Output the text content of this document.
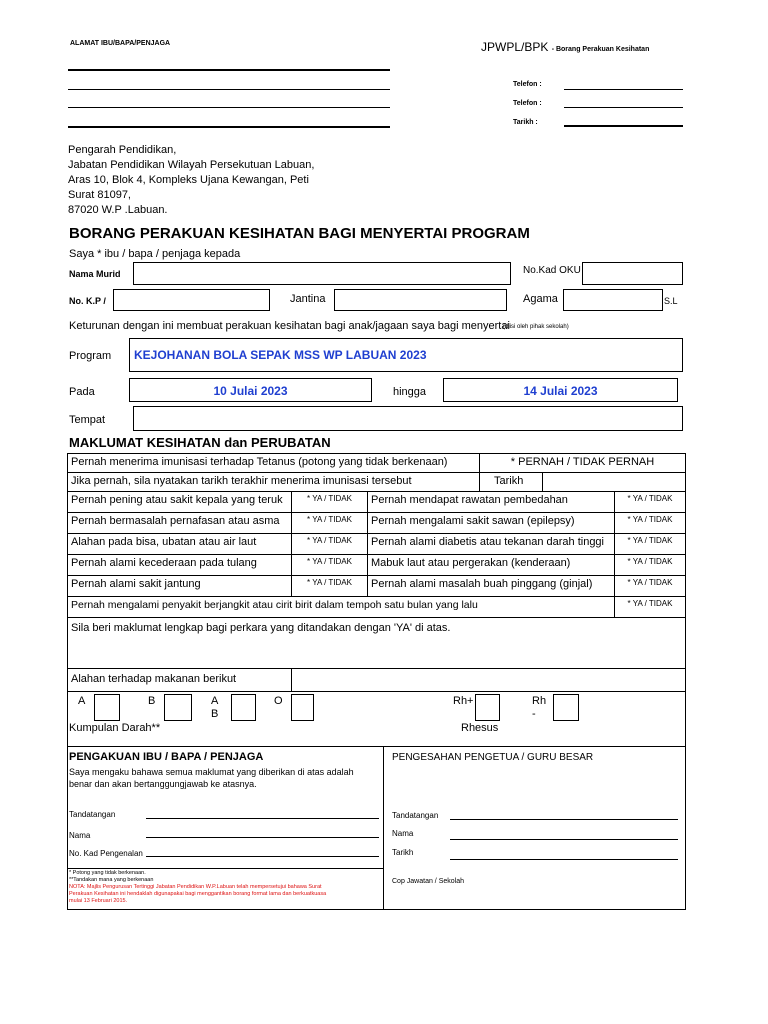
ALAMAT IBU/BAPA/PENJAGA	JPWPL/BPK - Borang Perakuan Kesihatan
Telefon :
Telefon :
Tarikh :
Pengarah Pendidikan,
Jabatan Pendidikan Wilayah Persekutuan Labuan,
Aras 10, Blok 4, Kompleks Ujana Kewangan, Peti
Surat 81097,
87020 W.P .Labuan.
BORANG PERAKUAN KESIHATAN BAGI MENYERTAI PROGRAM
Saya * ibu / bapa / penjaga kepada
Nama Murid	No.Kad OKU
No. K.P /	Jantina	Agama	S.L
Keturunan dengan ini membuat perakuan kesihatan bagi anak/jagaan saya bagi menyertai
(diisi oleh pihak sekolah)
Program KEJOHANAN BOLA SEPAK MSS WP LABUAN 2023
Pada	10 Julai 2023	hingga	14 Julai 2023
Tempat
MAKLUMAT KESIHATAN dan PERUBATAN
Pernah menerima imunisasi terhadap Tetanus (potong yang tidak berkenaan)	* PERNAH / TIDAK PERNAH
Jika pernah, sila nyatakan tarikh terakhir menerima imunisasi tersebut	Tarikh
Pernah pening atau sakit kepala yang teruk	* YA / TIDAK	Pernah mendapat rawatan pembedahan	* YA / TIDAK
Pernah bermasalah pernafasan atau asma	* YA / TIDAK	Pernah mengalami sakit sawan (epilepsy)	* YA / TIDAK
Alahan pada bisa, ubatan atau air laut	* YA / TIDAK	Pernah alami diabetis atau tekanan darah tinggi	* YA / TIDAK
Pernah alami kecederaan pada tulang	* YA / TIDAK	Mabuk laut atau pergerakan (kenderaan)	* YA / TIDAK
Pernah alami sakit jantung	* YA / TIDAK	Pernah alami masalah buah pinggang (ginjal)	* YA / TIDAK
Pernah mengalami penyakit berjangkit atau cirit birit dalam tempoh satu bulan yang lalu	* YA / TIDAK
Sila beri maklumat lengkap bagi perkara yang ditandakan dengan 'YA' di atas.
Alahan terhadap makanan berikut
A	B	A
B
O
Kumpulan Darah**
Rh+	Rh
-
Rhesus
PENGAKUAN IBU / BAPA / PENJAGA
Saya mengaku bahawa semua maklumat yang diberikan di atas adalah
benar dan akan bertanggungjawab ke atasnya.
Tandatangan
Nama
No. Kad Pengenalan
PENGESAHAN PENGETUA / GURU BESAR
Tandatangan
Nama
Tarikh
Cop Jawatan / Sekolah
* Potong yang tidak berkenaan.
**Tandakan mana yang berkenaan
NOTA: Majlis Pengurusan Tertinggi Jabatan Pendidikan W.P.Labuan telah mempersetujui bahawa Surat
Perakuan Kesihatan ini hendaklah digunapakai bagi menggantikan borang format lama dan berkuatkuasa
mulai 13 Februari 2015.
